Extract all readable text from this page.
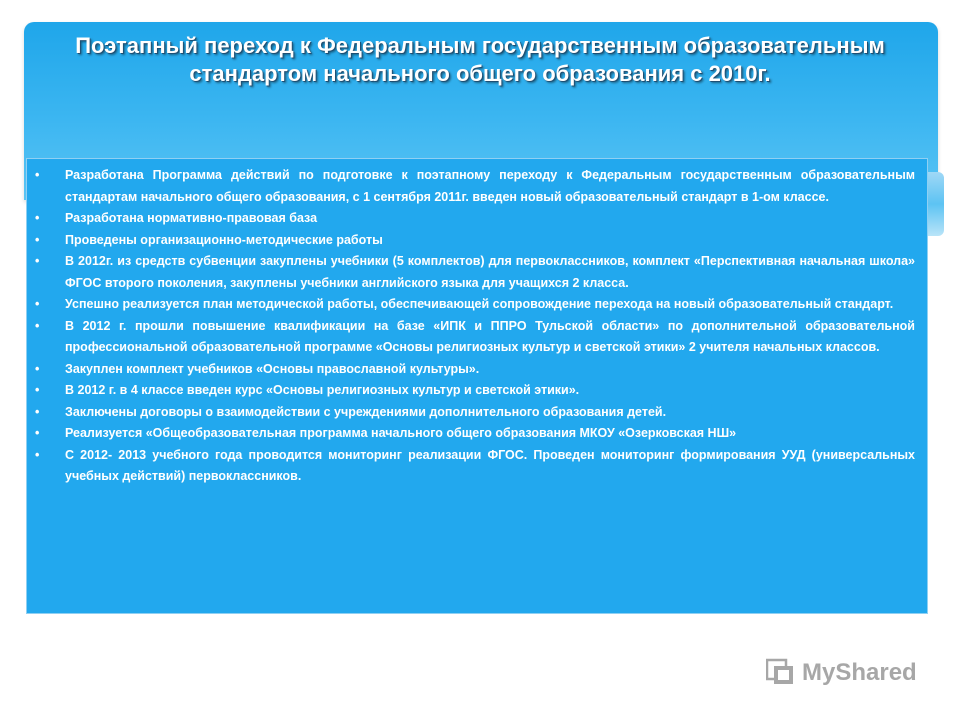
Поэтапный переход к Федеральным государственным образовательным стандартом начального общего образования с 2010г.
•	Разработана Программа действий по подготовке к поэтапному переходу к Федеральным государственным образовательным стандартам начального общего образования, с 1 сентября 2011г. введен новый образовательный стандарт в 1-ом классе.
•	Разработана нормативно-правовая база
•	Проведены организационно-методические работы
•	В 2012г. из средств субвенции закуплены учебники (5 комплектов) для первоклассников, комплект «Перспективная начальная школа» ФГОС второго поколения, закуплены учебники английского языка для учащихся 2 класса.
•	Успешно реализуется план методической работы, обеспечивающей сопровождение перехода на новый образовательный стандарт.
•	В 2012 г. прошли повышение квалификации на базе «ИПК и ППРО Тульской области» по дополнительной образовательной профессиональной образовательной программе «Основы религиозных культур и светской этики» 2 учителя начальных классов.
•	Закуплен комплект учебников «Основы православной культуры».
•	В 2012 г. в 4 классе введен курс «Основы религиозных культур и светской этики».
•	Заключены договоры о взаимодействии с учреждениями дополнительного образования детей.
•	Реализуется «Общеобразовательная программа начального общего образования МКОУ «Озерковская НШ»
•	С 2012- 2013 учебного года проводится мониторинг реализации ФГОС. Проведен мониторинг формирования УУД (универсальных учебных действий) первоклассников.
MyShared
